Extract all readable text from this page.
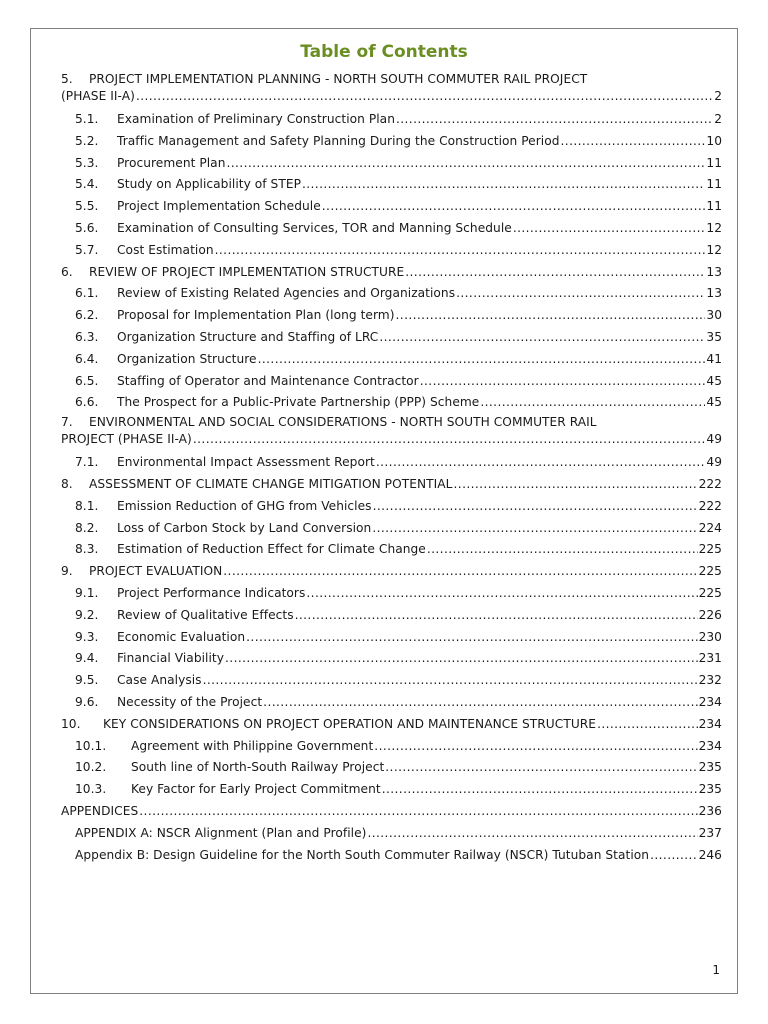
Table of Contents
5. PROJECT IMPLEMENTATION PLANNING - NORTH SOUTH COMMUTER RAIL PROJECT
(PHASE II-A) .....	2
5.1.	Examination of Preliminary Construction Plan .....	2
5.2.	Traffic Management and Safety Planning During the Construction Period .....	10
5.3.	Procurement Plan .....	11
5.4.	Study on Applicability of STEP .....	11
5.5.	Project Implementation Schedule .....	11
5.6.	Examination of Consulting Services, TOR and Manning Schedule .....	12
5.7.	Cost Estimation .....	12
6.	REVIEW OF PROJECT IMPLEMENTATION STRUCTURE .....	13
6.1.	Review of Existing Related Agencies and Organizations .....	13
6.2.	Proposal for Implementation Plan (long term) .....	30
6.3.	Organization Structure and Staffing of LRC .....	35
6.4.	Organization Structure .....	41
6.5.	Staffing of Operator and Maintenance Contractor .....	45
6.6.	The Prospect for a Public-Private Partnership (PPP) Scheme .....	45
7. ENVIRONMENTAL AND SOCIAL CONSIDERATIONS - NORTH SOUTH COMMUTER RAIL
PROJECT (PHASE II-A) .....	49
7.1.	Environmental Impact Assessment Report .....	49
8.	ASSESSMENT OF CLIMATE CHANGE MITIGATION POTENTIAL .....	222
8.1.	Emission Reduction of GHG from Vehicles .....	222
8.2.	Loss of Carbon Stock by Land Conversion .....	224
8.3.	Estimation of Reduction Effect for Climate Change .....	225
9.	PROJECT EVALUATION .....	225
9.1.	Project Performance Indicators .....	225
9.2.	Review of Qualitative Effects .....	226
9.3.	Economic Evaluation .....	230
9.4.	Financial Viability .....	231
9.5.	Case Analysis .....	232
9.6.	Necessity of the Project .....	234
10.	KEY CONSIDERATIONS ON PROJECT OPERATION AND MAINTENANCE STRUCTURE .....	234
10.1.	Agreement with Philippine Government .....	234
10.2.	South line of North-South Railway Project .....	235
10.3.	Key Factor for Early Project Commitment .....	235
APPENDICES .....	236
APPENDIX A: NSCR Alignment (Plan and Profile) .....	237
Appendix B: Design Guideline for the North South Commuter Railway (NSCR) Tutuban Station .....	246
1
